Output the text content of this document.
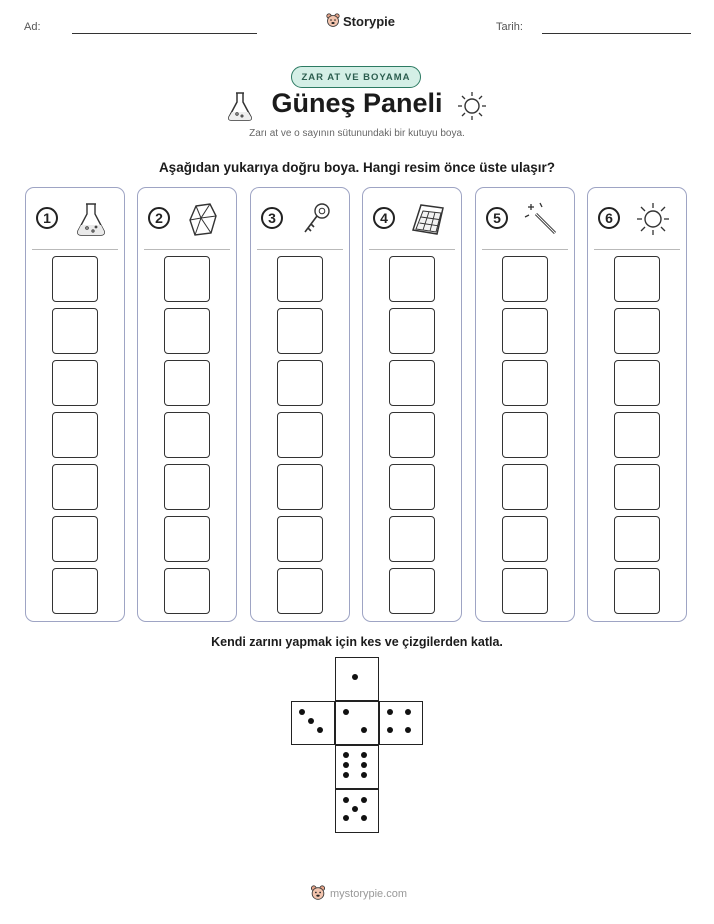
Ad:	Storypie	Tarih:
ZAR AT VE BOYAMA
Güneş Paneli
Zarı at ve o sayının sütunundaki bir kutuyu boya.
Aşağıdan yukarıya doğru boya. Hangi resim önce üste ulaşır?
1	2	3	4	5	6
Kendi zarını yapmak için kes ve çizgilerden katla.
mystorypie.com
